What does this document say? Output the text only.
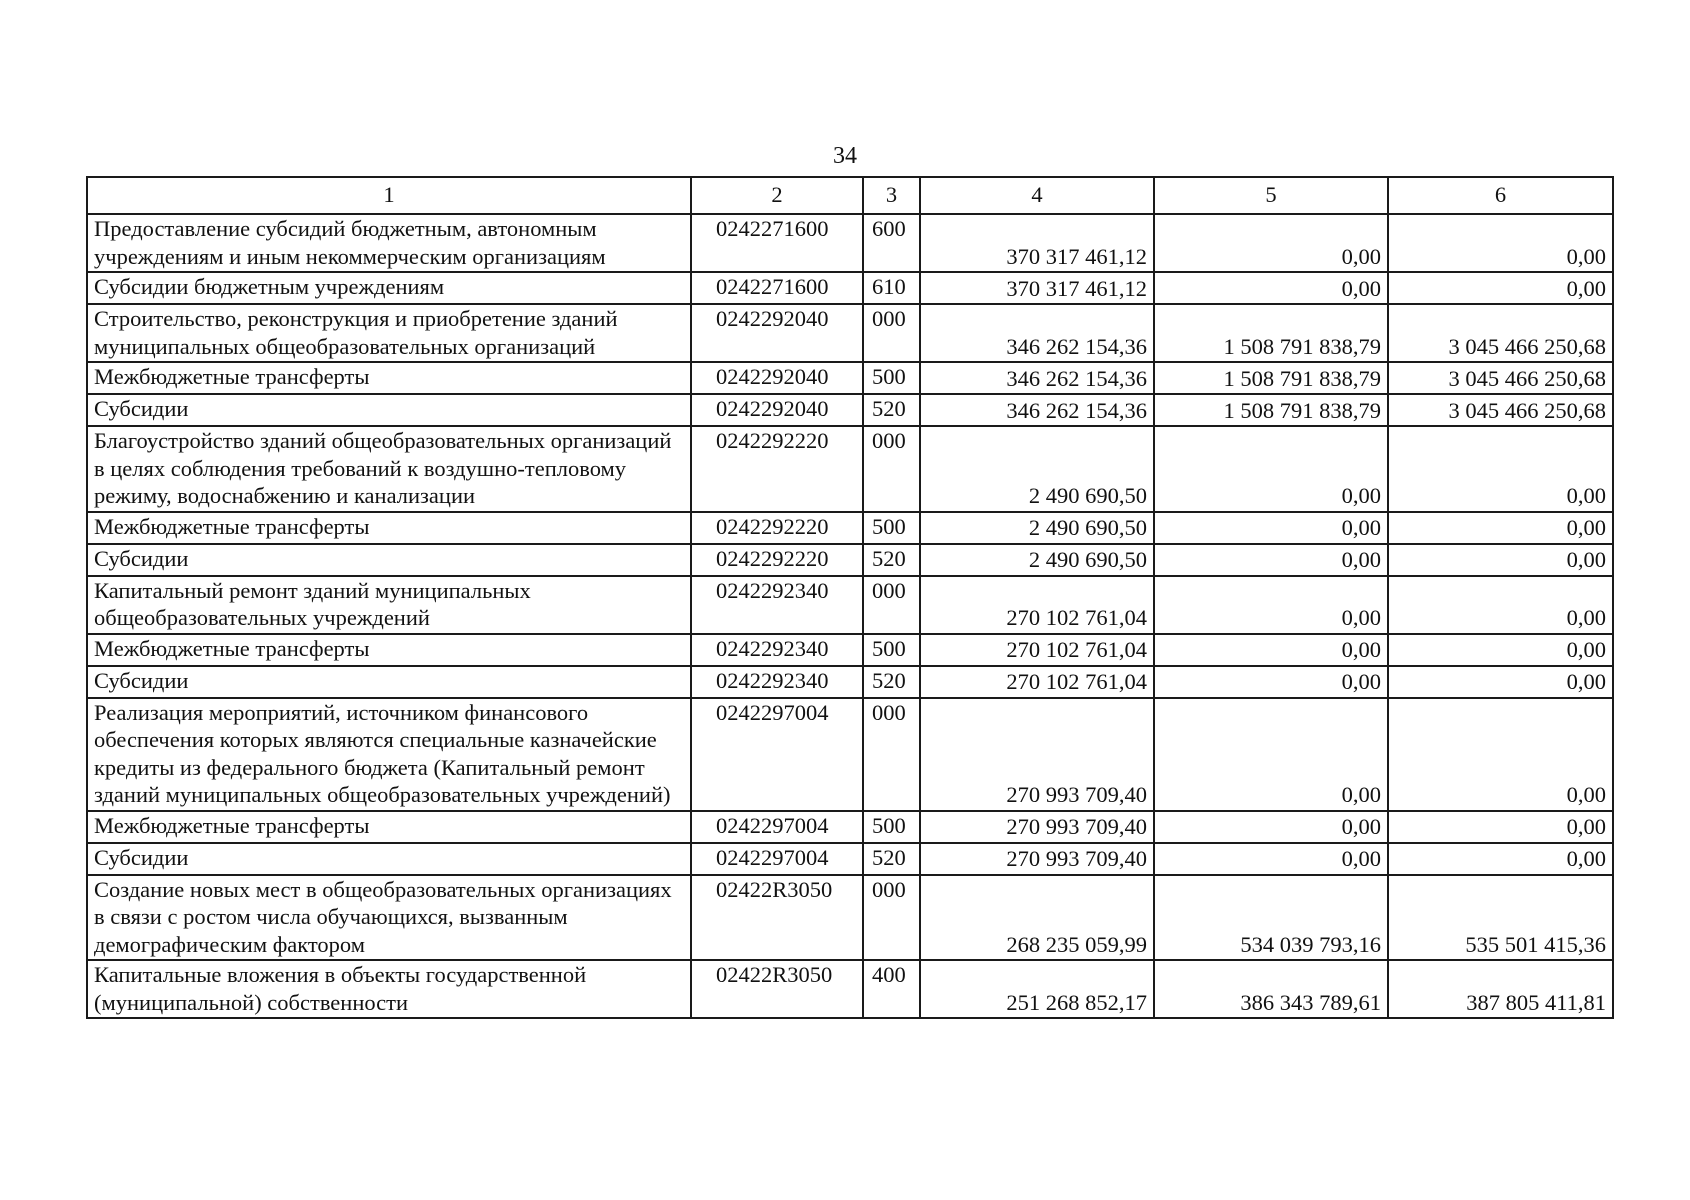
34
1	2	3	4	5	6
Предоставление субсидий бюджетным, автономным учреждениям и иным некоммерческим организациям	0242271600	600	370 317 461,12	0,00	0,00
Субсидии бюджетным учреждениям	0242271600	610	370 317 461,12	0,00	0,00
Строительство, реконструкция и приобретение зданий муниципальных общеобразовательных организаций	0242292040	000	346 262 154,36	1 508 791 838,79	3 045 466 250,68
Межбюджетные трансферты	0242292040	500	346 262 154,36	1 508 791 838,79	3 045 466 250,68
Субсидии	0242292040	520	346 262 154,36	1 508 791 838,79	3 045 466 250,68
Благоустройство зданий общеобразовательных организаций в целях соблюдения требований к воздушно-тепловому режиму, водоснабжению и канализации	0242292220	000	2 490 690,50	0,00	0,00
Межбюджетные трансферты	0242292220	500	2 490 690,50	0,00	0,00
Субсидии	0242292220	520	2 490 690,50	0,00	0,00
Капитальный ремонт зданий муниципальных общеобразовательных учреждений	0242292340	000	270 102 761,04	0,00	0,00
Межбюджетные трансферты	0242292340	500	270 102 761,04	0,00	0,00
Субсидии	0242292340	520	270 102 761,04	0,00	0,00
Реализация мероприятий, источником финансового обеспечения которых являются специальные казначейские кредиты из федерального бюджета (Капитальный ремонт зданий муниципальных общеобразовательных учреждений)	0242297004	000	270 993 709,40	0,00	0,00
Межбюджетные трансферты	0242297004	500	270 993 709,40	0,00	0,00
Субсидии	0242297004	520	270 993 709,40	0,00	0,00
Создание новых мест в общеобразовательных организациях в связи с ростом числа обучающихся, вызванным демографическим фактором	02422R3050	000	268 235 059,99	534 039 793,16	535 501 415,36
Капитальные вложения в объекты государственной (муниципальной) собственности	02422R3050	400	251 268 852,17	386 343 789,61	387 805 411,81
